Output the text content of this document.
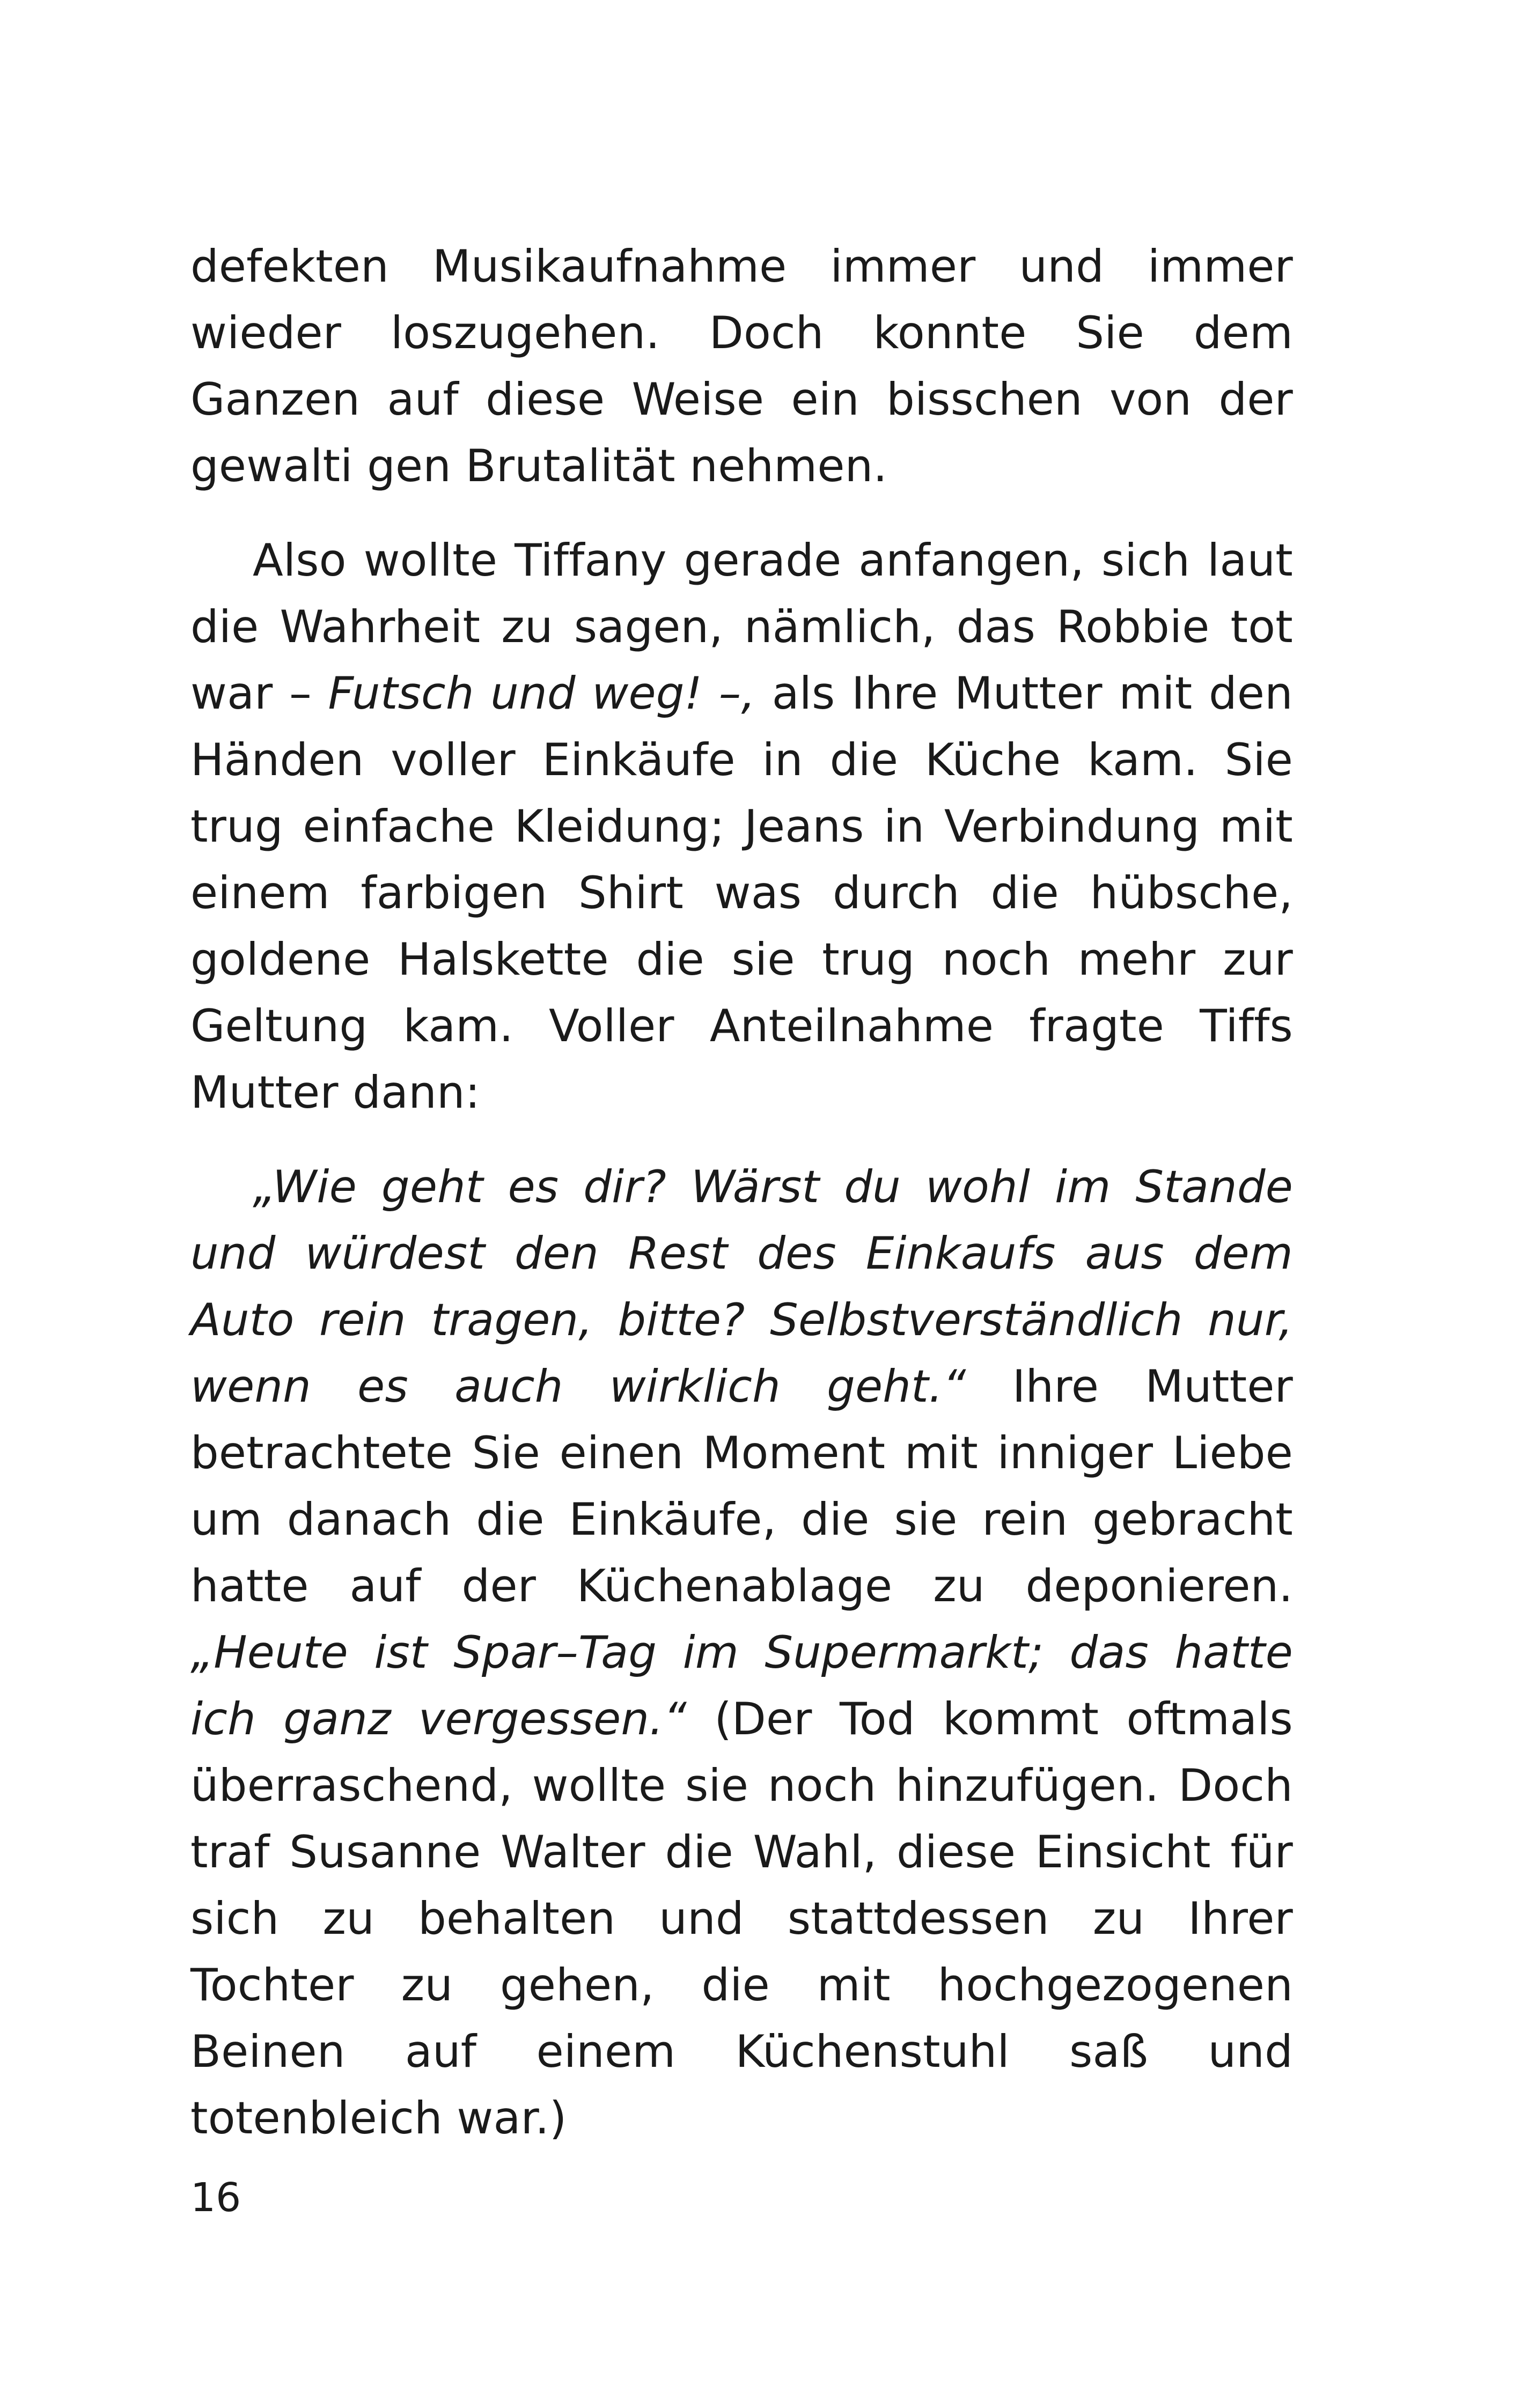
defekten Musikaufnahme immer und immer wieder loszugehen. Doch konnte Sie dem Ganzen auf diese Weise ein bisschen von der gewalti gen Brutalität nehmen.

Also wollte Tiffany gerade anfangen, sich laut die Wahrheit zu sagen, nämlich, das Robbie tot war – Futsch und weg! –, als Ihre Mutter mit den Händen voller Einkäufe in die Küche kam. Sie trug einfache Kleidung; Jeans in Verbindung mit einem farbigen Shirt was durch die hübsche, goldene Halskette die sie trug noch mehr zur Geltung kam. Voller Anteilnahme fragte Tiffs Mutter dann:

„Wie geht es dir? Wärst du wohl im Stande und würdest den Rest des Einkaufs aus dem Auto rein tragen, bitte? Selbstverständlich nur, wenn es auch wirklich geht.“ Ihre Mutter betrachtete Sie einen Moment mit inniger Liebe um danach die Einkäufe, die sie rein gebracht hatte auf der Küchenablage zu deponieren. „Heute ist Spar–Tag im Supermarkt; das hatte ich ganz vergessen.“ (Der Tod kommt oftmals überraschend, wollte sie noch hinzufügen. Doch traf Susanne Walter die Wahl, diese Einsicht für sich zu behalten und stattdessen zu Ihrer Tochter zu gehen, die mit hochgezogenen Beinen auf einem Küchenstuhl saß und totenbleich war.)

16
